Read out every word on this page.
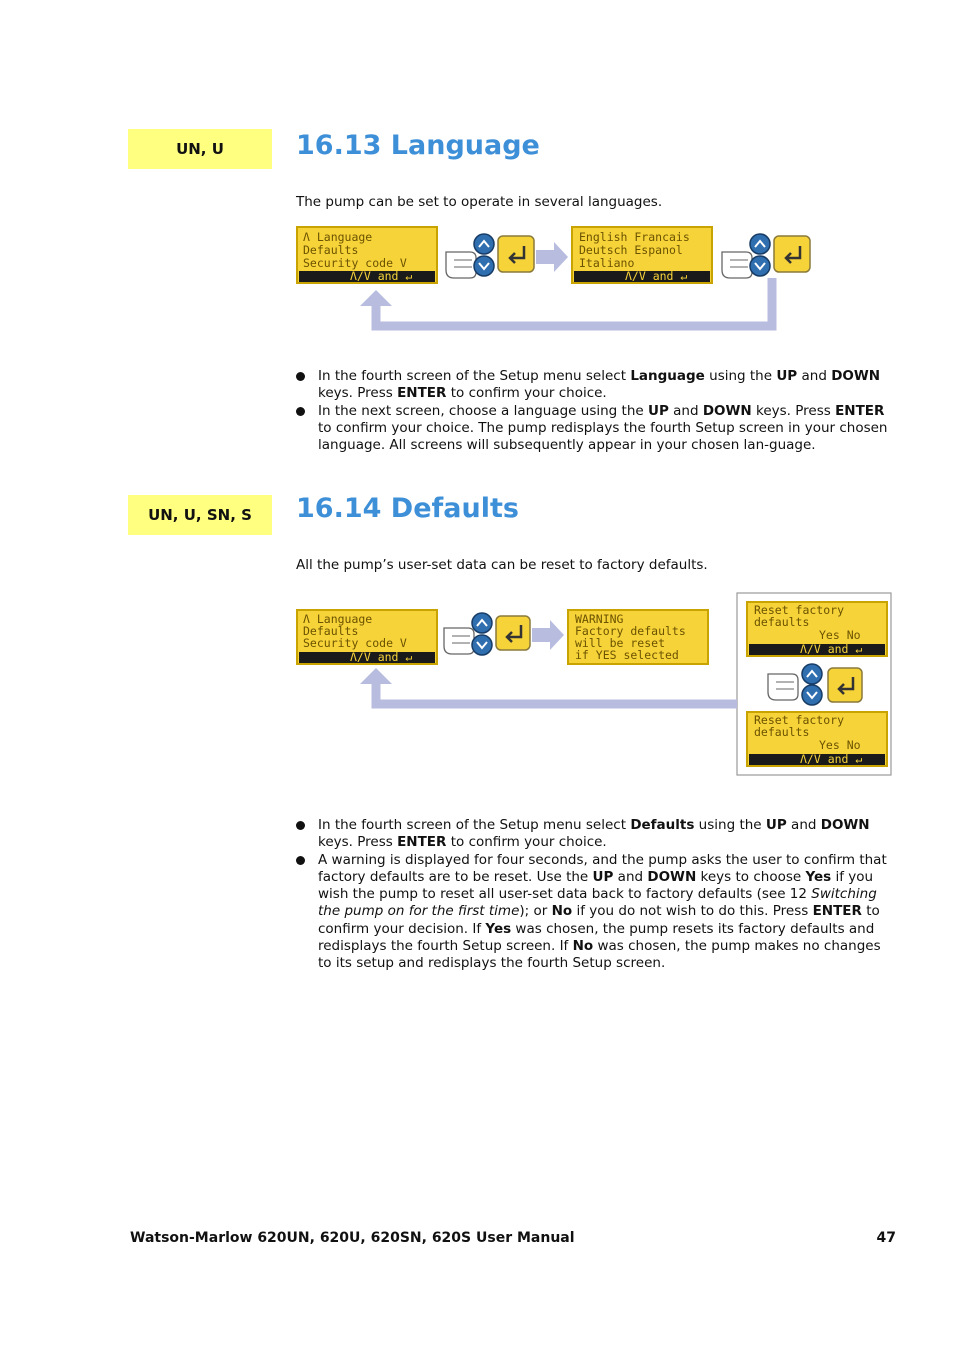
UN, U	16.13 Language

The pump can be set to operate in several languages.

Λ Language
Defaults
Security code V
Λ/V and ↵
English Francais
Deutsch Espanol
Italiano
Λ/V and ↵
In the fourth screen of the Setup menu select Language using the UP and DOWN keys. Press ENTER to confirm your choice.
In the next screen, choose a language using the UP and DOWN keys. Press ENTER to confirm your choice. The pump redisplays the fourth Setup screen in your chosen language. All screens will subsequently appear in your chosen lan-guage.
UN, U, SN, S	16.14 Defaults

All the pump’s user-set data can be reset to factory defaults.

Λ Language
Defaults
Security code V
Λ/V and ↵
WARNING
Factory defaults
will be reset
if YES selected
Reset factory
defaults
Yes No
Λ/V and ↵
Reset factory
defaults
Yes No
Λ/V and ↵
In the fourth screen of the Setup menu select Defaults using the UP and DOWN keys. Press ENTER to confirm your choice.
A warning is displayed for four seconds, and the pump asks the user to confirm that factory defaults are to be reset. Use the UP and DOWN keys to choose Yes if you wish the pump to reset all user-set data back to factory defaults (see 12 Switching the pump on for the first time); or No if you do not wish to do this. Press ENTER to confirm your decision. If Yes was chosen, the pump resets its factory defaults and redisplays the fourth Setup screen. If No was chosen, the pump makes no changes to its setup and redisplays the fourth Setup screen.
Watson-Marlow 620UN, 620U, 620SN, 620S User Manual	47
